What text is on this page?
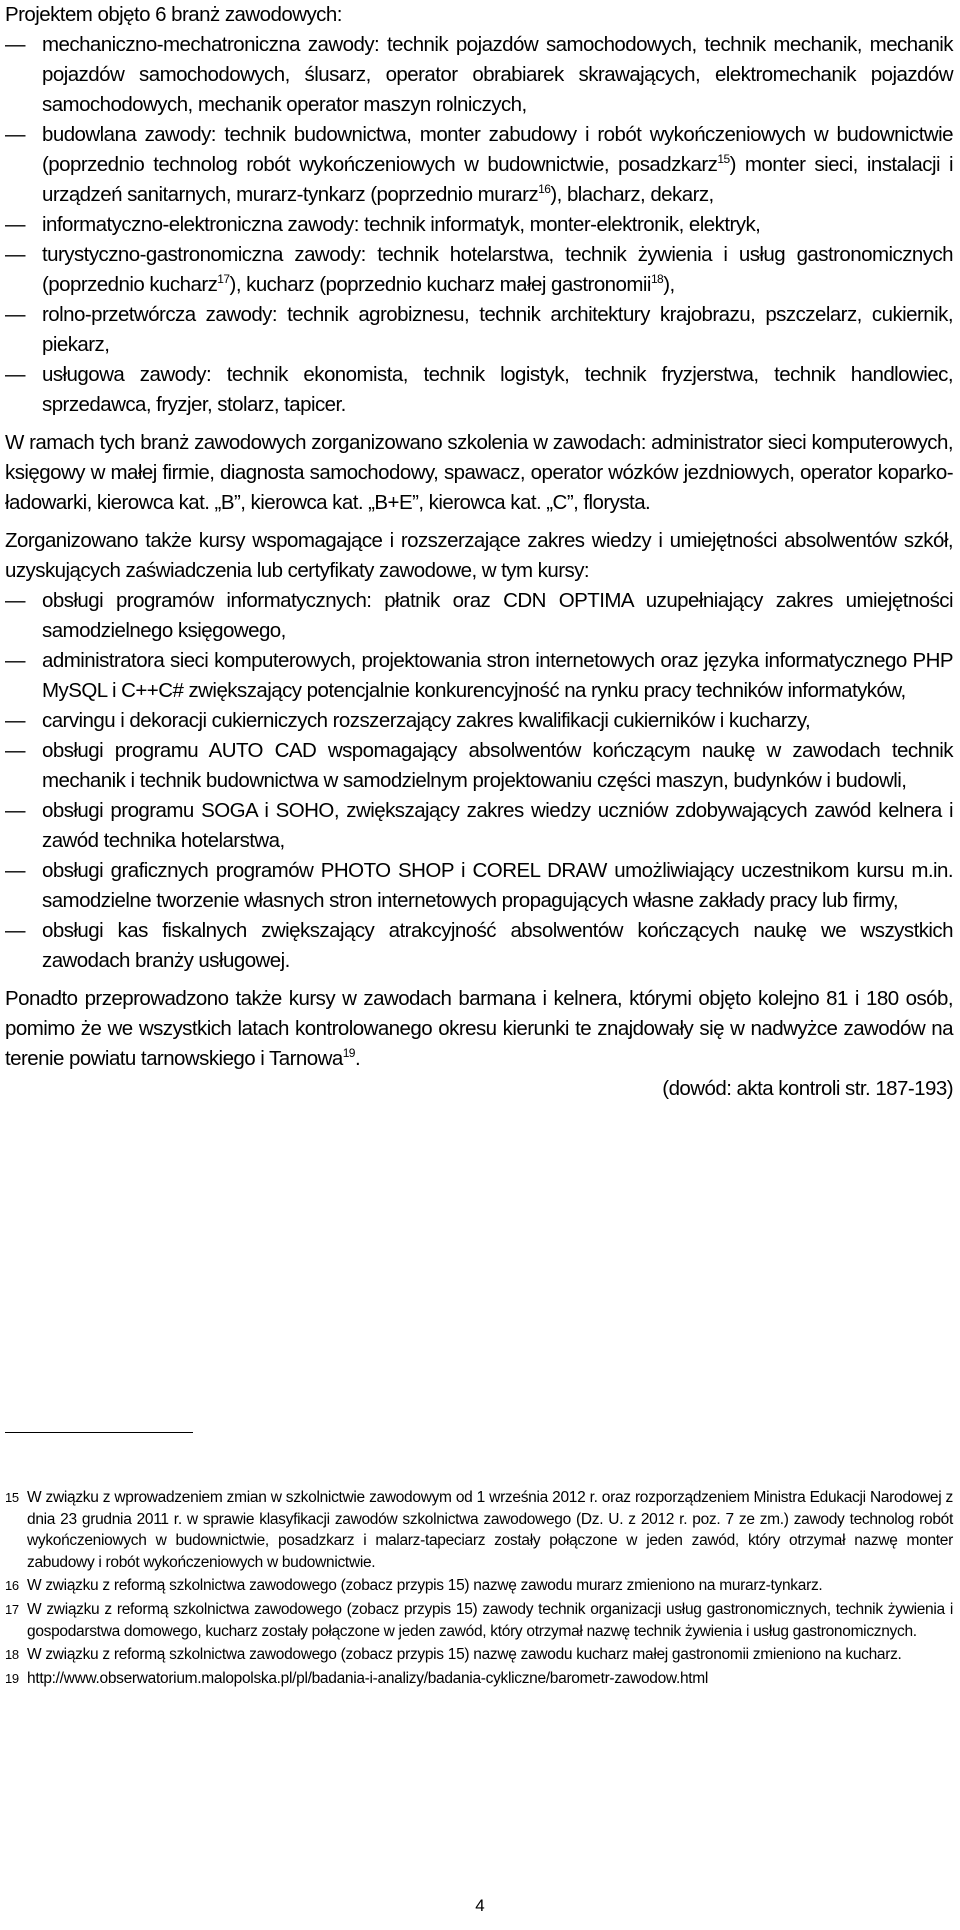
Projektem objęto 6 branż zawodowych:

— mechaniczno-mechatroniczna zawody: technik pojazdów samochodowych, technik mechanik, mechanik pojazdów samochodowych, ślusarz, operator obrabiarek skrawających, elektromechanik pojazdów samochodowych, mechanik operator maszyn rolniczych,
— budowlana zawody: technik budownictwa, monter zabudowy i robót wykończeniowych w budownictwie (poprzednio technolog robót wykończeniowych w budownictwie, posadzkarz$^{15}$) monter sieci, instalacji i urządzeń sanitarnych, murarz-tynkarz (poprzednio murarz$^{16}$), blacharz, dekarz,
— informatyczno-elektroniczna zawody: technik informatyk, monter-elektronik, elektryk,
— turystyczno-gastronomiczna zawody: technik hotelarstwa, technik żywienia i usług gastronomicznych (poprzednio kucharz$^{17}$), kucharz (poprzednio kucharz małej gastronomii$^{18}$),
— rolno-przetwórcza zawody: technik agrobiznesu, technik architektury krajobrazu, pszczelarz, cukiernik, piekarz,
— usługowa zawody: technik ekonomista, technik logistyk, technik fryzjerstwa, technik handlowiec, sprzedawca, fryzjer, stolarz, tapicer.

W ramach tych branż zawodowych zorganizowano szkolenia w zawodach: administrator sieci komputerowych, księgowy w małej firmie, diagnosta samochodowy, spawacz, operator wózków jezdniowych, operator koparko-ładowarki, kierowca kat. „B”, kierowca kat. „B+E”, kierowca kat. „C”, florysta.

Zorganizowano także kursy wspomagające i rozszerzające zakres wiedzy i umiejętności absolwentów szkół, uzyskujących zaświadczenia lub certyfikaty zawodowe, w tym kursy:

— obsługi programów informatycznych: płatnik oraz CDN OPTIMA uzupełniający zakres umiejętności samodzielnego księgowego,
— administratora sieci komputerowych, projektowania stron internetowych oraz języka informatycznego PHP MySQL i C++C# zwiększający potencjalnie konkurencyjność na rynku pracy techników informatyków,
— carvingu i dekoracji cukierniczych rozszerzający zakres kwalifikacji cukierników i kucharzy,
— obsługi programu AUTO CAD wspomagający absolwentów kończącym naukę w zawodach technik mechanik i technik budownictwa w samodzielnym projektowaniu części maszyn, budynków i budowli,
— obsługi programu SOGA i SOHO, zwiększający zakres wiedzy uczniów zdobywających zawód kelnera i zawód technika hotelarstwa,
— obsługi graficznych programów PHOTO SHOP i COREL DRAW umożliwiający uczestnikom kursu m.in. samodzielne tworzenie własnych stron internetowych propagujących własne zakłady pracy lub firmy,
— obsługi kas fiskalnych zwiększający atrakcyjność absolwentów kończących naukę we wszystkich zawodach branży usługowej.

Ponadto przeprowadzono także kursy w zawodach barmana i kelnera, którymi objęto kolejno 81 i 180 osób, pomimo że we wszystkich latach kontrolowanego okresu kierunki te znajdowały się w nadwyżce zawodów na terenie powiatu tarnowskiego i Tarnowa$^{19}$.

(dowód: akta kontroli str. 187-193)

15 W związku z wprowadzeniem zmian w szkolnictwie zawodowym od 1 września 2012 r. oraz rozporządzeniem Ministra Edukacji Narodowej z dnia 23 grudnia 2011 r. w sprawie klasyfikacji zawodów szkolnictwa zawodowego (Dz. U. z 2012 r. poz. 7 ze zm.) zawody technolog robót wykończeniowych w budownictwie, posadzkarz i malarz-tapeciarz zostały połączone w jeden zawód, który otrzymał nazwę monter zabudowy i robót wykończeniowych w budownictwie.

16 W związku z reformą szkolnictwa zawodowego (zobacz przypis 15) nazwę zawodu murarz zmieniono na murarz-tynkarz.

17 W związku z reformą szkolnictwa zawodowego (zobacz przypis 15) zawody technik organizacji usług gastronomicznych, technik żywienia i gospodarstwa domowego, kucharz zostały połączone w jeden zawód, który otrzymał nazwę technik żywienia i usług gastronomicznych.

18 W związku z reformą szkolnictwa zawodowego (zobacz przypis 15) nazwę zawodu kucharz małej gastronomii zmieniono na kucharz.

19 http://www.obserwatorium.malopolska.pl/pl/badania-i-analizy/badania-cykliczne/barometr-zawodow.html

4
